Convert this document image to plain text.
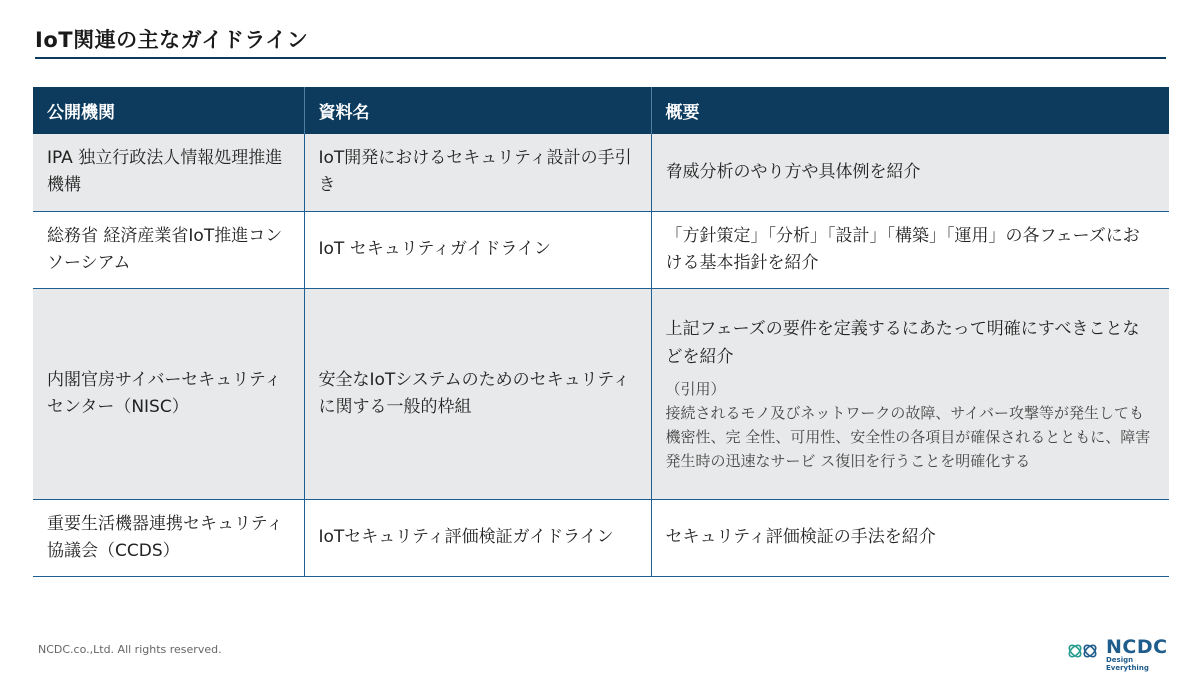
IoT関連の主なガイドライン
公開機関	資料名	概要
IPA 独立行政法人情報処理推進機構	IoT開発におけるセキュリティ設計の手引き	脅威分析のやり方や具体例を紹介
総務省 経済産業省IoT推進コンソーシアム	IoT セキュリティガイドライン	「方針策定」「分析」「設計」「構築」「運用」の各フェーズにおける基本指針を紹介
内閣官房サイバーセキュリティセンター（NISC）	安全なIoTシステムのためのセキュリティに関する一般的枠組	上記フェーズの要件を定義するにあたって明確にすべきことなどを紹介
（引用）
接続されるモノ及びネットワークの故障、サイバー攻撃等が発生しても機密性、完 全性、可用性、安全性の各項目が確保されるとともに、障害発生時の迅速なサービ ス復旧を行うことを明確化する

重要生活機器連携セキュリティ協議会（CCDS）	IoTセキュリティ評価検証ガイドライン	セキュリティ評価検証の手法を紹介
NCDC.co.,Ltd. All rights reserved.	NCDC
Design Everything
